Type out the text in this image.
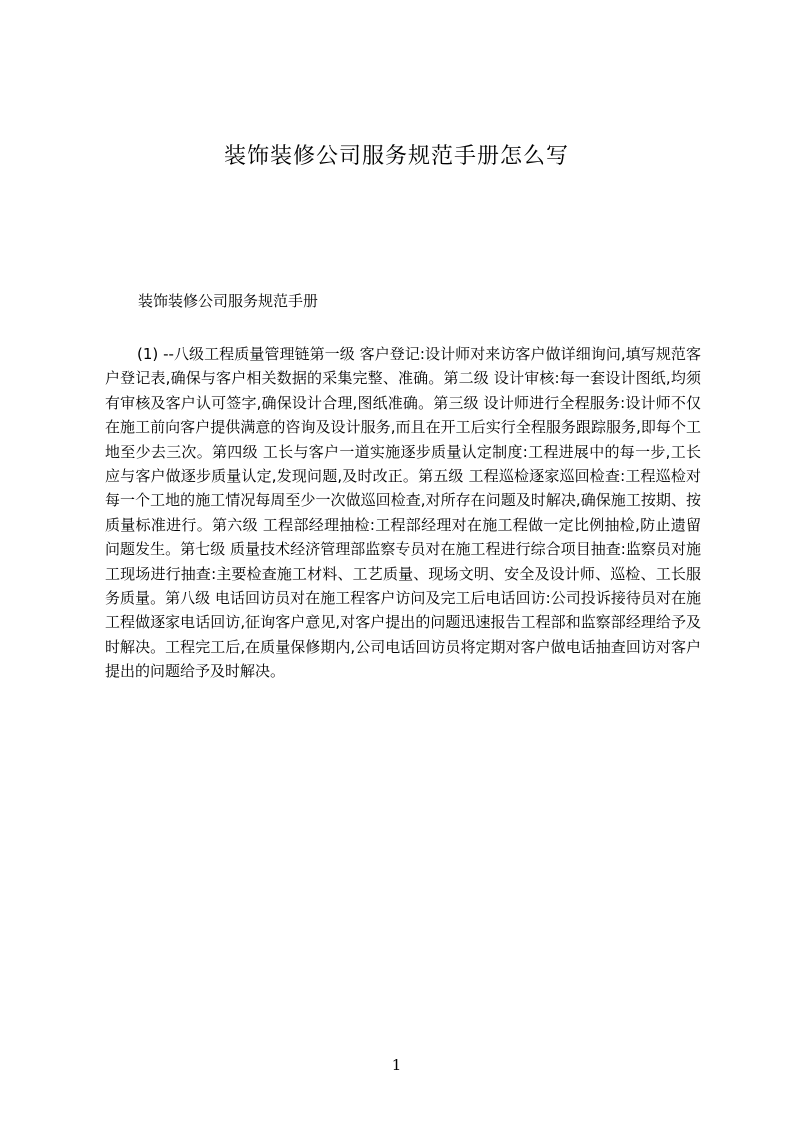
装饰装修公司服务规范手册怎么写

装饰装修公司服务规范手册

(1) --八级工程质量管理链第一级 客户登记:设计师对来访客户做详细询问,填写规范客户登记表,确保与客户相关数据的采集完整、准确。第二级 设计审核:每一套设计图纸,均须有审核及客户认可签字,确保设计合理,图纸准确。第三级 设计师进行全程服务:设计师不仅在施工前向客户提供满意的咨询及设计服务,而且在开工后实行全程服务跟踪服务,即每个工地至少去三次。第四级 工长与客户一道实施逐步质量认定制度:工程进展中的每一步,工长应与客户做逐步质量认定,发现问题,及时改正。第五级 工程巡检逐家巡回检查:工程巡检对每一个工地的施工情况每周至少一次做巡回检查,对所存在问题及时解决,确保施工按期、按质量标准进行。第六级 工程部经理抽检:工程部经理对在施工程做一定比例抽检,防止遗留问题发生。第七级 质量技术经济管理部监察专员对在施工程进行综合项目抽查:监察员对施工现场进行抽查:主要检查施工材料、工艺质量、现场文明、安全及设计师、巡检、工长服务质量。第八级 电话回访员对在施工程客户访问及完工后电话回访:公司投诉接待员对在施工程做逐家电话回访,征询客户意见,对客户提出的问题迅速报告工程部和监察部经理给予及时解决。工程完工后,在质量保修期内,公司电话回访员将定期对客户做电话抽查回访对客户提出的问题给予及时解决。

1
